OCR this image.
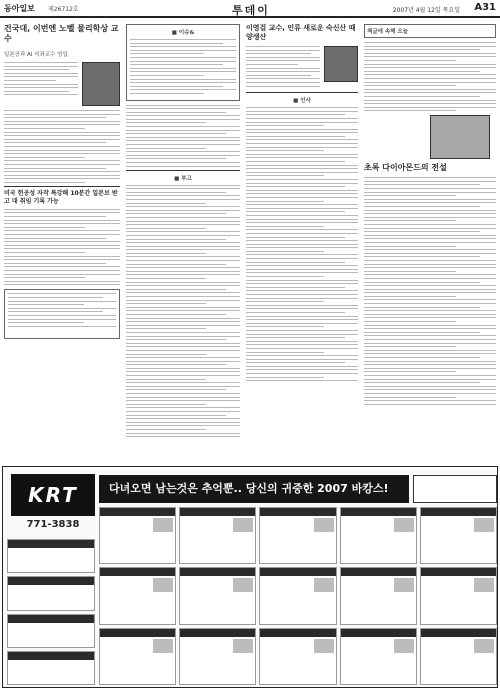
동아일보 제26712호	투데이	2007년 4월 12일 목요일 A31
건국대, 이번엔 노벨 물리학상 교수
일본공과 AI 석좌교수 영입
미국 헌공성 자작 특강해 10분간 일본보 받고 대 취임 기록 가능
■ 이슈&
■ 부고
이영걸 교수, 인류 새로운 숙신산 때양생산
■ 인사
책글에 속해 오늘
초록 다이아몬드의 전설
KRT
771-3838
다녀오면 남는것은 추억뿐.. 당신의 귀중한 2007 바캉스!
